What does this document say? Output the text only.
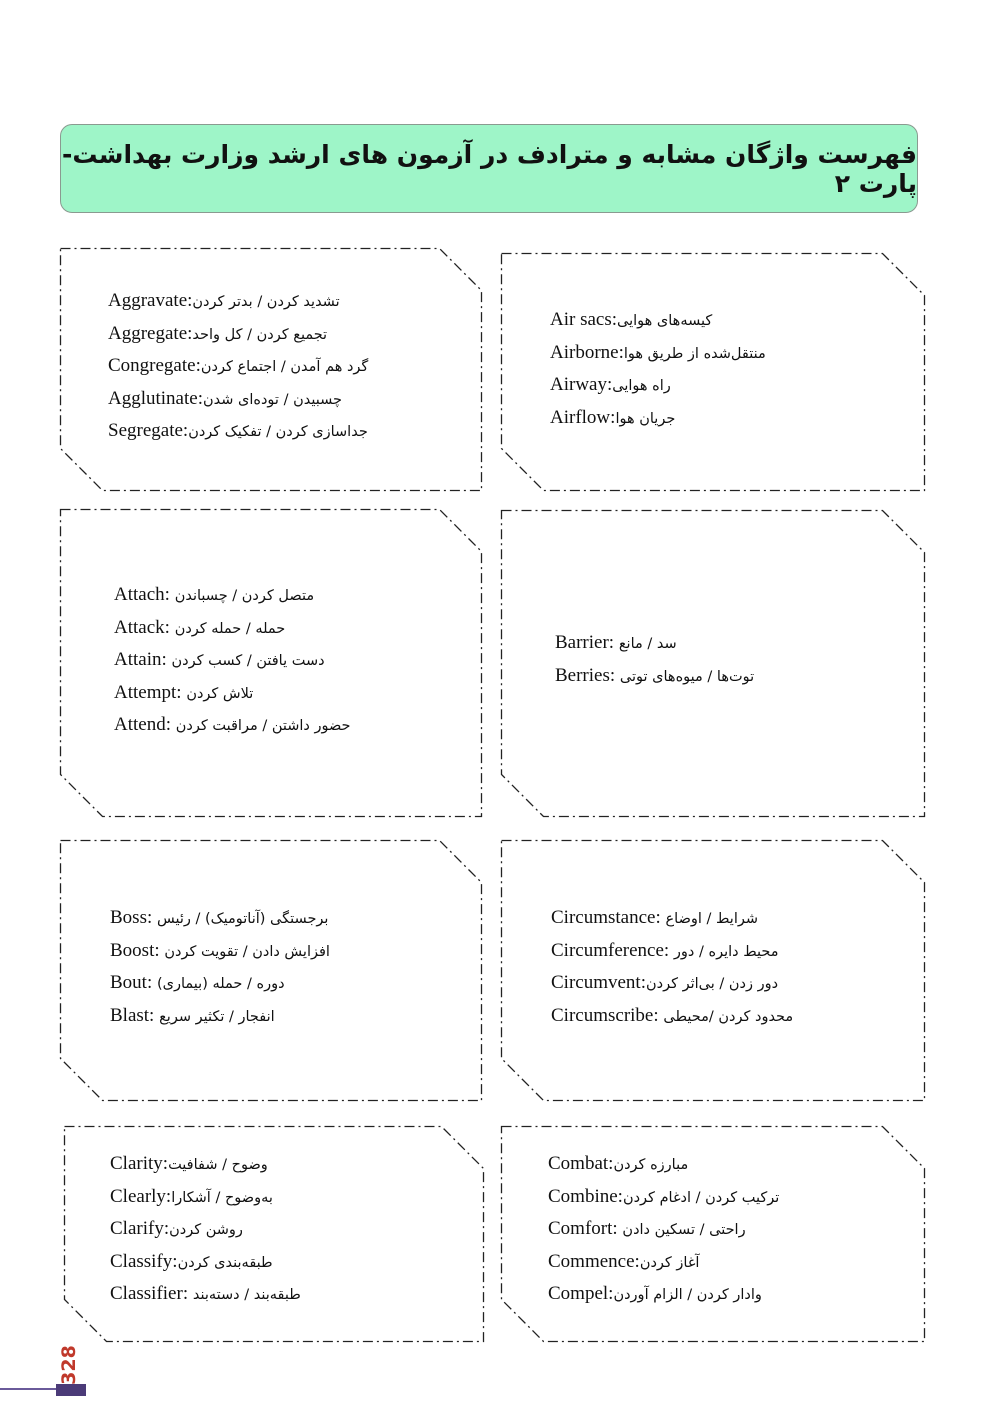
فهرست واژگان مشابه و مترادف در آزمون های ارشد وزارت بهداشت- پارت ۲
Aggravate:تشدید کردن / بدتر کردن
Aggregate:تجمیع کردن / کل واحد
Congregate:گرد هم آمدن / اجتماع کردن
Agglutinate:چسبیدن / توده‌ای شدن
Segregate:جداسازی کردن / تفکیک کردن
Air sacs:کیسه‌های هوایی
Airborne:منتقل‌شده از طریق هوا
Airway:راه هوایی
Airflow:جریان هوا
Attach: متصل کردن / چسباندن
Attack: حمله / حمله کردن
Attain: دست یافتن / کسب کردن
Attempt: تلاش کردن
Attend: حضور داشتن / مراقبت کردن
Barrier: سد / مانع
Berries: توت‌ها / میوه‌های توتی
Boss: برجستگی (آناتومیک) / رئیس
Boost: افزایش دادن / تقویت کردن
Bout: دوره / حمله (بیماری)
Blast: انفجار / تکثیر سریع
Circumstance: شرایط / اوضاع
Circumference: محیط دایره / دور
Circumvent:دور زدن / بی‌اثر کردن
Circumscribe: محدود کردن /محیطی
Clarity:وضوح / شفافیت
Clearly:به‌وضوح / آشکارا
Clarify:روشن کردن
Classify:طبقه‌بندی کردن
Classifier: طبقه‌بند / دسته‌بند
Combat:مبارزه کردن
Combine:ترکیب کردن / ادغام کردن
Comfort: راحتی / تسکین دادن
Commence:آغاز کردن
Compel:وادار کردن / الزام آوردن
328
